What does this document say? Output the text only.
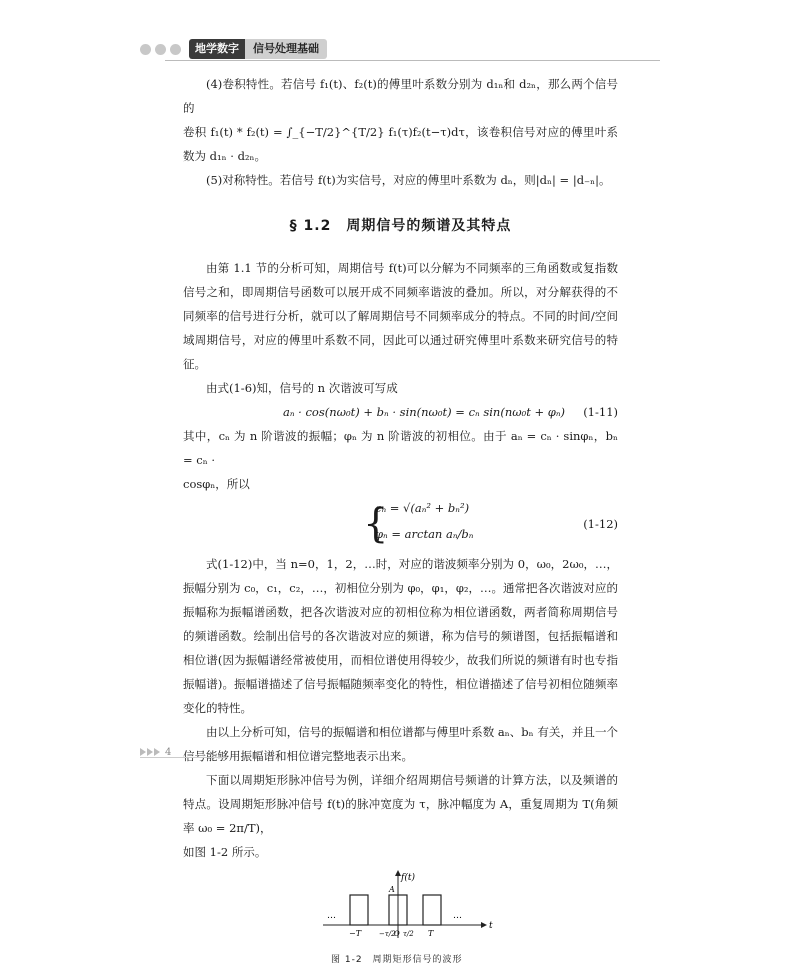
地学数字	信号处理基础

(4)卷积特性。若信号 f₁(t)、f₂(t)的傅里叶系数分别为 d₁ₙ和 d₂ₙ，那么两个信号的

卷积 f₁(t) * f₂(t) = ∫_{−T/2}^{T/2} f₁(τ)f₂(t−τ)dτ，该卷积信号对应的傅里叶系数为 d₁ₙ · d₂ₙ。

(5)对称特性。若信号 f(t)为实信号，对应的傅里叶系数为 dₙ，则|dₙ| = |d₋ₙ|。

§ 1.2　周期信号的频谱及其特点

由第 1.1 节的分析可知，周期信号 f(t)可以分解为不同频率的三角函数或复指数信号之和，即周期信号函数可以展开成不同频率谐波的叠加。所以，对分解获得的不同频率的信号进行分析，就可以了解周期信号不同频率成分的特点。不同的时间/空间域周期信号，对应的傅里叶系数不同，因此可以通过研究傅里叶系数来研究信号的特征。

由式(1-6)知，信号的 n 次谐波可写成

aₙ · cos(nω₀t) + bₙ · sin(nω₀t) = cₙ sin(nω₀t + φₙ) (1-11)

其中，cₙ 为 n 阶谐波的振幅；φₙ 为 n 阶谐波的初相位。由于 aₙ = cₙ · sinφₙ，bₙ = cₙ ·

cosφₙ，所以

{
cₙ = √(aₙ² + bₙ²)
φₙ = arctan aₙ/bₙ
(1-12)

式(1-12)中，当 n=0，1，2，…时，对应的谐波频率分别为 0，ω₀，2ω₀，…，振幅分别为 c₀，c₁，c₂，…，初相位分别为 φ₀，φ₁，φ₂，…。通常把各次谐波对应的振幅称为振幅谱函数，把各次谐波对应的初相位称为相位谱函数，两者简称周期信号的频谱函数。绘制出信号的各次谐波对应的频谱，称为信号的频谱图，包括振幅谱和相位谱(因为振幅谱经常被使用，而相位谱使用得较少，故我们所说的频谱有时也专指振幅谱)。振幅谱描述了信号振幅随频率变化的特性，相位谱描述了信号初相位随频率变化的特性。

由以上分析可知，信号的振幅谱和相位谱都与傅里叶系数 aₙ、bₙ 有关，并且一个信号能够用振幅谱和相位谱完整地表示出来。

下面以周期矩形脉冲信号为例，详细介绍周期信号频谱的计算方法，以及频谱的特点。设周期矩形脉冲信号 f(t)的脉冲宽度为 τ，脉冲幅度为 A，重复周期为 T(角频率 ω₀ = 2π/T)，

如图 1-2 所示。

f(t)
A
t
…	…
−T	−τ/2
O τ/2 T
图 1-2　周期矩形信号的波形
4
